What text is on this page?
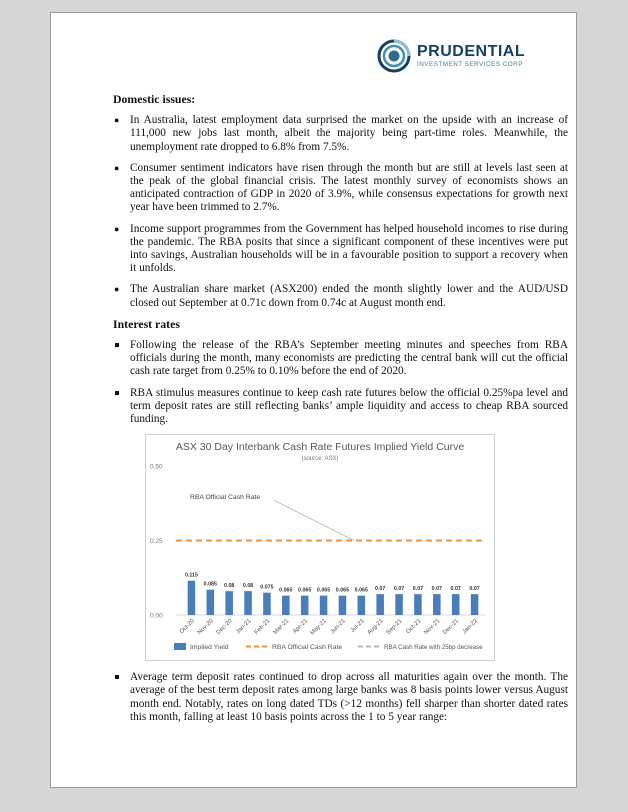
PRUDENTIAL
INVESTMENT SERVICES CORP
Domestic issues:
● In Australia, latest employment data surprised the market on the upside with an increase of 111,000 new jobs last month, albeit the majority being part-time roles. Meanwhile, the unemployment rate dropped to 6.8% from 7.5%.
● Consumer sentiment indicators have risen through the month but are still at levels last seen at the peak of the global financial crisis. The latest monthly survey of economists shows an anticipated contraction of GDP in 2020 of 3.9%, while consensus expectations for growth next year have been trimmed to 2.7%.
● Income support programmes from the Government has helped household incomes to rise during the pandemic. The RBA posits that since a significant component of these incentives were put into savings, Australian households will be in a favourable position to support a recovery when it unfolds.
● The Australian share market (ASX200) ended the month slightly lower and the AUD/USD closed out September at 0.71c down from 0.74c at August month end.
Interest rates
Following the release of the RBA’s September meeting minutes and speeches from RBA officials during the month, many economists are predicting the central bank will cut the official cash rate target from 0.25% to 0.10% before the end of 2020.
RBA stimulus measures continue to keep cash rate futures below the official 0.25%pa level and term deposit rates are still reflecting banks’ ample liquidity and access to cheap RBA sourced funding.
ASX 30 Day Interbank Cash Rate Futures Implied Yield Curve
(source: ASX)
0.00
0.25
0.50
RBA Official Cash Rate
0.115
Oct-20
0.085
Nov-20
0.08
Dec-20
0.08
Jan-21
0.075
Feb-21
0.065
Mar-21
0.065
Apr-21
0.065
May-21
0.065
Jun-21
0.065
Jul-21
0.07
Aug-21
0.07
Sep-21
0.07
Oct-21
0.07
Nov-21
0.07
Dec-21
0.07
Jan-22
Implied Yield	RBA Official Cash Rate	RBA Cash Rate with 25bp decrease
Average term deposit rates continued to drop across all maturities again over the month. The average of the best term deposit rates among large banks was 8 basis points lower versus August month end. Notably, rates on long dated TDs (>12 months) fell sharper than shorter dated rates this month, falling at least 10 basis points across the 1 to 5 year range:
